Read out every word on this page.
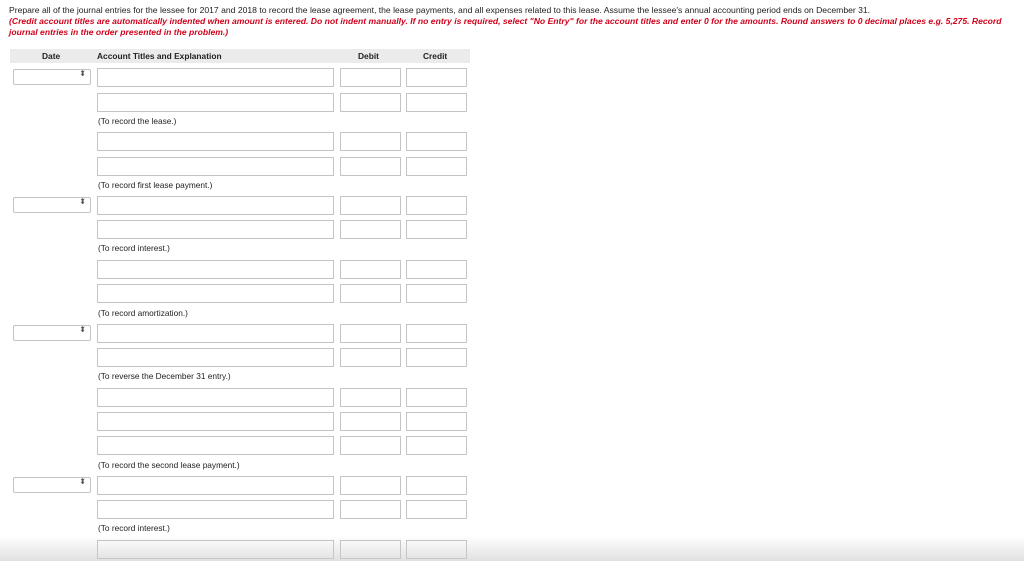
Prepare all of the journal entries for the lessee for 2017 and 2018 to record the lease agreement, the lease payments, and all expenses related to this lease. Assume the lessee's annual accounting period ends on December 31.
(Credit account titles are automatically indented when amount is entered. Do not indent manually. If no entry is required, select "No Entry" for the account titles and enter 0 for the amounts. Round answers to 0 decimal places e.g. 5,275. Record journal entries in the order presented in the problem.)
Date	Account Titles and Explanation	Debit	Credit
⬍
(To record the lease.)
(To record first lease payment.)
⬍
(To record interest.)
(To record amortization.)
⬍
(To reverse the December 31 entry.)
(To record the second lease payment.)
⬍
(To record interest.)
